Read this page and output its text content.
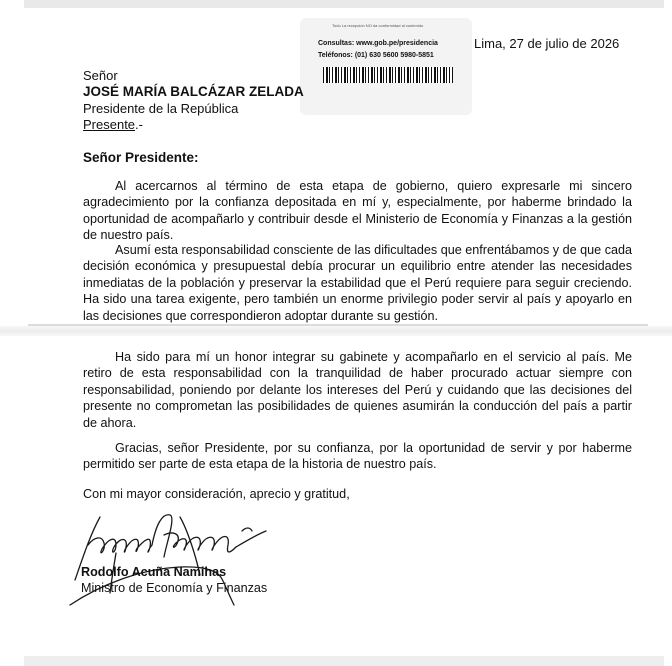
Todo La recepción NO da conformidad al contenido
Consultas: www.gob.pe/presidencia
Teléfonos: (01) 630 5600 5980-5851
Lima, 27 de julio de 2026
Señor
JOSÉ MARÍA BALCÁZAR ZELADA
Presidente de la República
Presente.-
Señor Presidente:

Al acercarnos al término de esta etapa de gobierno, quiero expresarle mi sincero agradecimiento por la confianza depositada en mí y, especialmente, por haberme brindado la oportunidad de acompañarlo y contribuir desde el Ministerio de Economía y Finanzas a la gestión de nuestro país.

Asumí esta responsabilidad consciente de las dificultades que enfrentábamos y de que cada decisión económica y presupuestal debía procurar un equilibrio entre atender las necesidades inmediatas de la población y preservar la estabilidad que el Perú requiere para seguir creciendo. Ha sido una tarea exigente, pero también un enorme privilegio poder servir al país y apoyarlo en las decisiones que correspondieron adoptar durante su gestión.

Ha sido para mí un honor integrar su gabinete y acompañarlo en el servicio al país. Me retiro de esta responsabilidad con la tranquilidad de haber procurado actuar siempre con responsabilidad, poniendo por delante los intereses del Perú y cuidando que las decisiones del presente no comprometan las posibilidades de quienes asumirán la conducción del país a partir de ahora.

Gracias, señor Presidente, por su confianza, por la oportunidad de servir y por haberme permitido ser parte de esta etapa de la historia de nuestro país.

Con mi mayor consideración, aprecio y gratitud,
Rodolfo Acuña Namihas
Ministro de Economía y Finanzas
